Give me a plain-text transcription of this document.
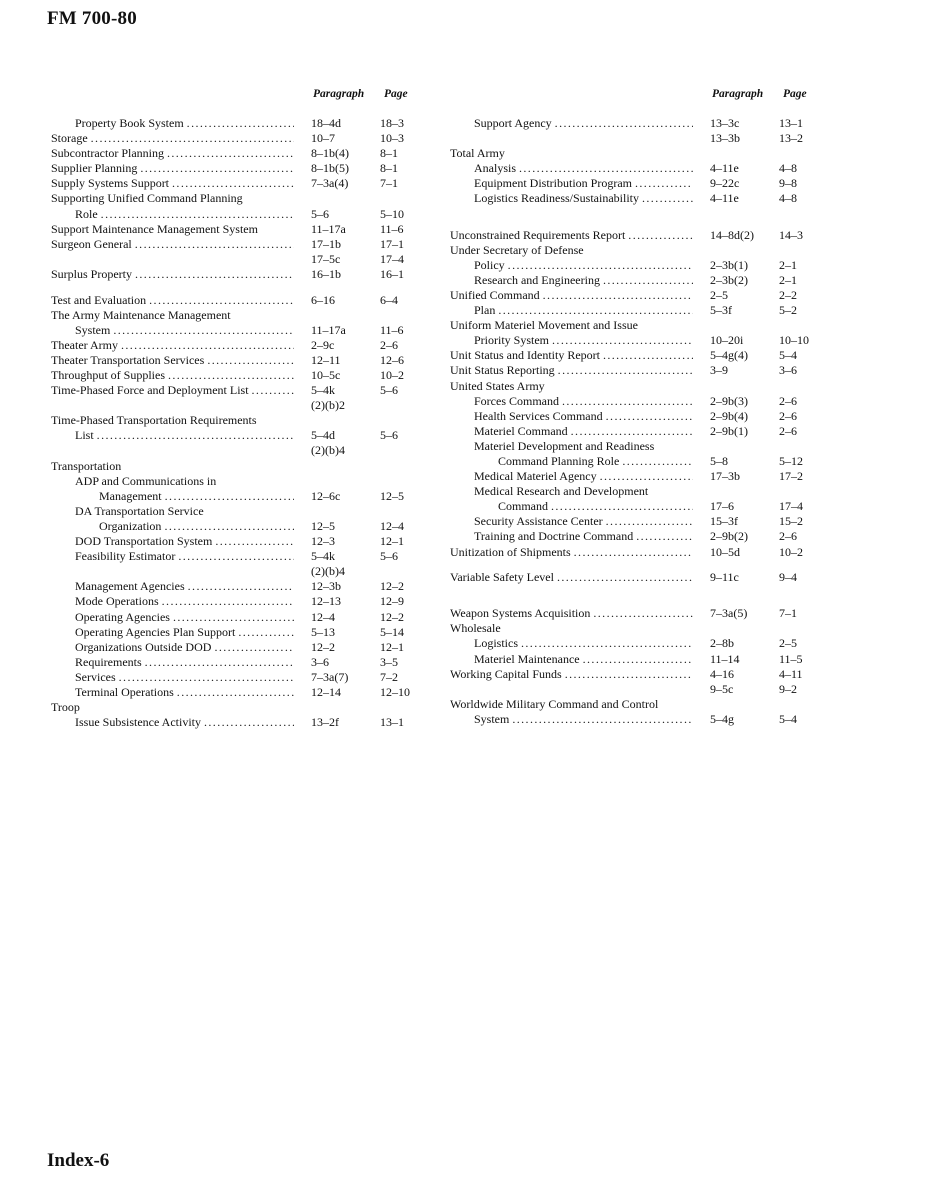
FM 700-80
Paragraph Page
Property Book System .....	18–4d	18–3
Storage .....	10–7	10–3
Subcontractor Planning .....	8–1b(4)	8–1
Supplier Planning .....	8–1b(5)	8–1
Supply Systems Support .....	7–3a(4)	7–1
Supporting Unified Command Planning
Role .....	5–6	5–10
Support Maintenance Management System	11–17a	11–6
Surgeon General .....	17–1b	17–1
17–5c	17–4
Surplus Property .....	16–1b	16–1
Test and Evaluation .....	6–16	6–4
The Army Maintenance Management
System .....	11–17a	11–6
Theater Army .....	2–9c	2–6
Theater Transportation Services .....	12–11	12–6
Throughput of Supplies .....	10–5c	10–2
Time-Phased Force and Deployment List .....	5–4k	5–6
(2)(b)2
Time-Phased Transportation Requirements
List .....	5–4d	5–6
(2)(b)4
Transportation
ADP and Communications in
Management .....	12–6c	12–5
DA Transportation Service
Organization .....	12–5	12–4
DOD Transportation System .....	12–3	12–1
Feasibility Estimator .....	5–4k	5–6
(2)(b)4
Management Agencies .....	12–3b	12–2
Mode Operations .....	12–13	12–9
Operating Agencies .....	12–4	12–2
Operating Agencies Plan Support .....	5–13	5–14
Organizations Outside DOD .....	12–2	12–1
Requirements .....	3–6	3–5
Services .....	7–3a(7)	7–2
Terminal Operations .....	12–14	12–10
Troop
Issue Subsistence Activity .....	13–2f	13–1
Paragraph Page
Support Agency .....	13–3c	13–1
13–3b	13–2
Total Army
Analysis .....	4–11e	4–8
Equipment Distribution Program .....	9–22c	9–8
Logistics Readiness/Sustainability .....	4–11e	4–8
Unconstrained Requirements Report .....	14–8d(2) 14–3
Under Secretary of Defense
Policy .....	2–3b(1)	2–1
Research and Engineering .....	2–3b(2)	2–1
Unified Command .....	2–5	2–2
Plan .....	5–3f	5–2
Uniform Materiel Movement and Issue
Priority System .....	10–20i	10–10
Unit Status and Identity Report .....	5–4g(4)	5–4
Unit Status Reporting .....	3–9	3–6
United States Army
Forces Command .....	2–9b(3)	2–6
Health Services Command .....	2–9b(4)	2–6
Materiel Command .....	2–9b(1)	2–6
Materiel Development and Readiness
Command Planning Role .....	5–8	5–12
Medical Materiel Agency .....	17–3b	17–2
Medical Research and Development
Command .....	17–6	17–4
Security Assistance Center .....	15–3f	15–2
Training and Doctrine Command .....	2–9b(2)	2–6
Unitization of Shipments .....	10–5d	10–2
Variable Safety Level .....	9–11c	9–4
Weapon Systems Acquisition .....	7–3a(5)	7–1
Wholesale
Logistics .....	2–8b	2–5
Materiel Maintenance .....	11–14	11–5
Working Capital Funds .....	4–16	4–11
9–5c	9–2
Worldwide Military Command and Control
System .....	5–4g	5–4
Index-6
